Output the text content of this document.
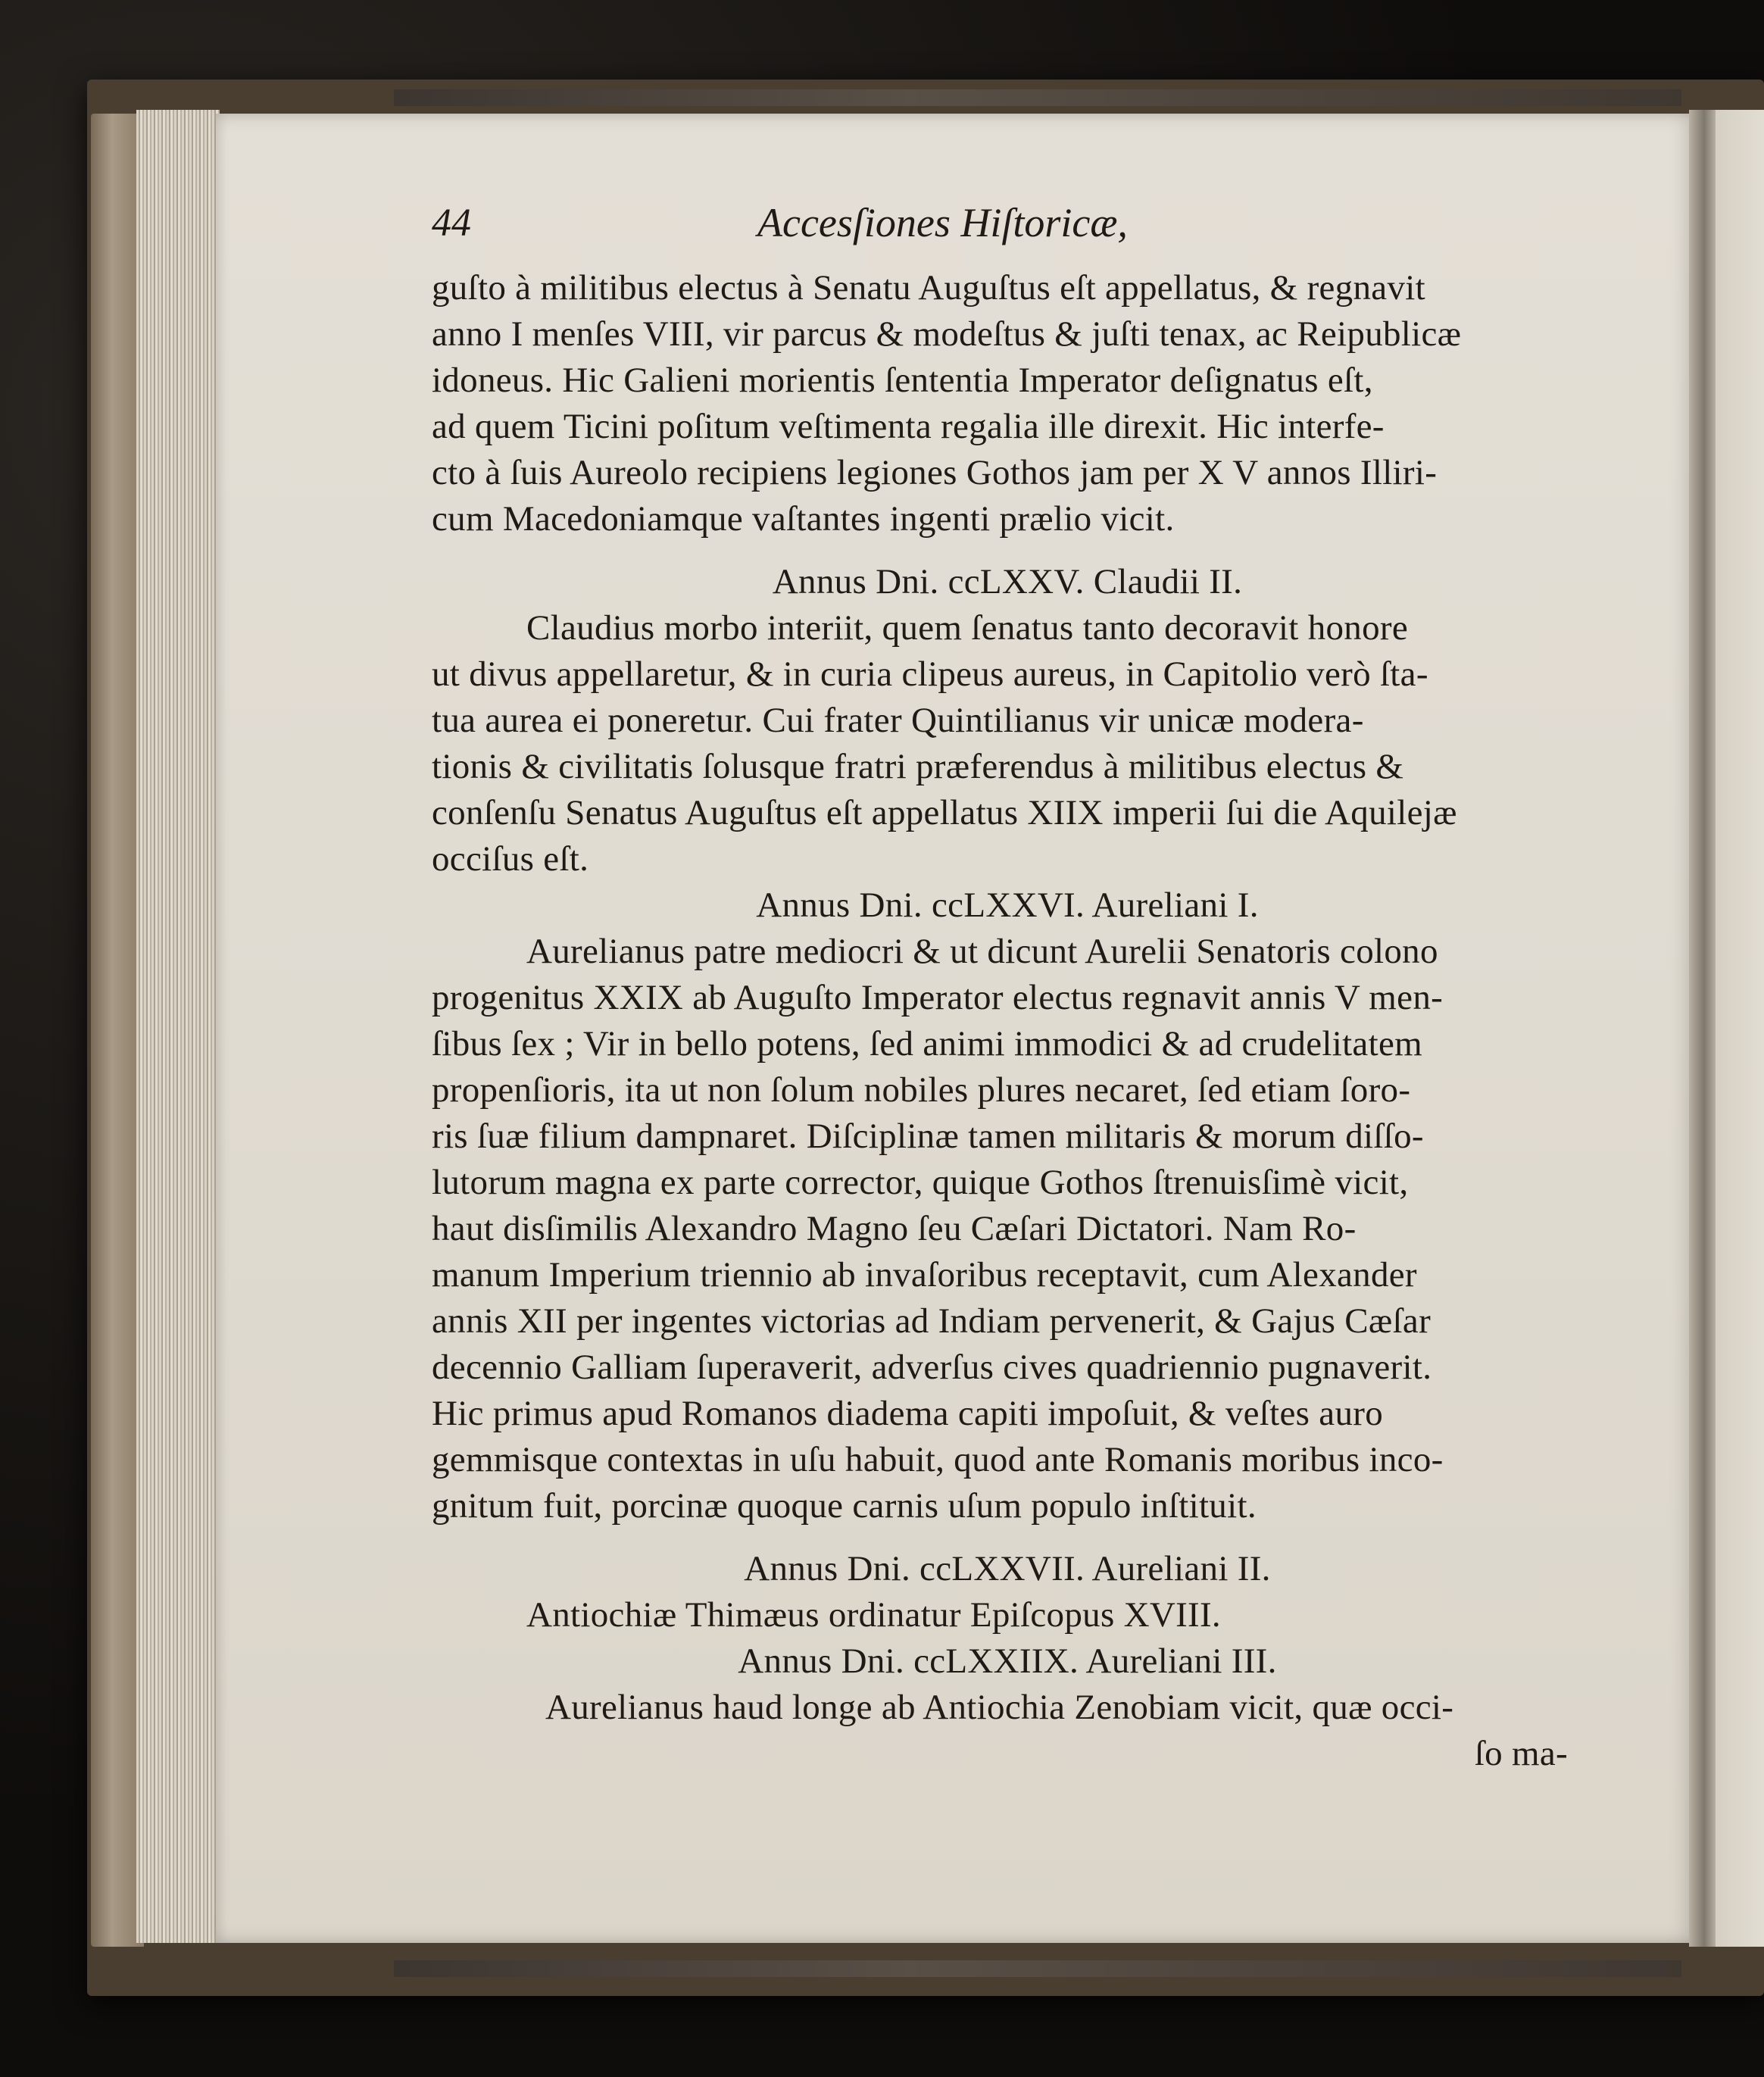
44	Accesſiones Hiſtoricæ,
guſto à militibus electus à Senatu Auguſtus eſt appellatus, & regnavit
anno I menſes VIII, vir parcus & modeſtus & juſti tenax, ac Reipublicæ
idoneus. Hic Galieni morientis ſententia Imperator deſignatus eſt,
ad quem Ticini poſitum veſtimenta regalia ille direxit. Hic interfe-
cto à ſuis Aureolo recipiens legiones Gothos jam per X V annos Illiri-
cum Macedoniamque vaſtantes ingenti prælio vicit.
Annus Dni. ccLXXV. Claudii II.
Claudius morbo interiit, quem ſenatus tanto decoravit honore
ut divus appellaretur, & in curia clipeus aureus, in Capitolio verò ſta-
tua aurea ei poneretur. Cui frater Quintilianus vir unicæ modera-
tionis & civilitatis ſolusque fratri præferendus à militibus electus &
conſenſu Senatus Auguſtus eſt appellatus XIIX imperii ſui die Aquilejæ
occiſus eſt.
Annus Dni. ccLXXVI. Aureliani I.
Aurelianus patre mediocri & ut dicunt Aurelii Senatoris colono
progenitus XXIX ab Auguſto Imperator electus regnavit annis V men-
ſibus ſex ; Vir in bello potens, ſed animi immodici & ad crudelitatem
propenſioris, ita ut non ſolum nobiles plures necaret, ſed etiam ſoro-
ris ſuæ filium dampnaret. Diſciplinæ tamen militaris & morum diſſo-
lutorum magna ex parte corrector, quique Gothos ſtrenuisſimè vicit,
haut disſimilis Alexandro Magno ſeu Cæſari Dictatori. Nam Ro-
manum Imperium triennio ab invaſoribus receptavit, cum Alexander
annis XII per ingentes victorias ad Indiam pervenerit, & Gajus Cæſar
decennio Galliam ſuperaverit, adverſus cives quadriennio pugnaverit.
Hic primus apud Romanos diadema capiti impoſuit, & veſtes auro
gemmisque contextas in uſu habuit, quod ante Romanis moribus inco-
gnitum fuit, porcinæ quoque carnis uſum populo inſtituit.
Annus Dni. ccLXXVII. Aureliani II.
Antiochiæ Thimæus ordinatur Epiſcopus XVIII.
Annus Dni. ccLXXIIX. Aureliani III.
Aurelianus haud longe ab Antiochia Zenobiam vicit, quæ occi-
ſo ma-
